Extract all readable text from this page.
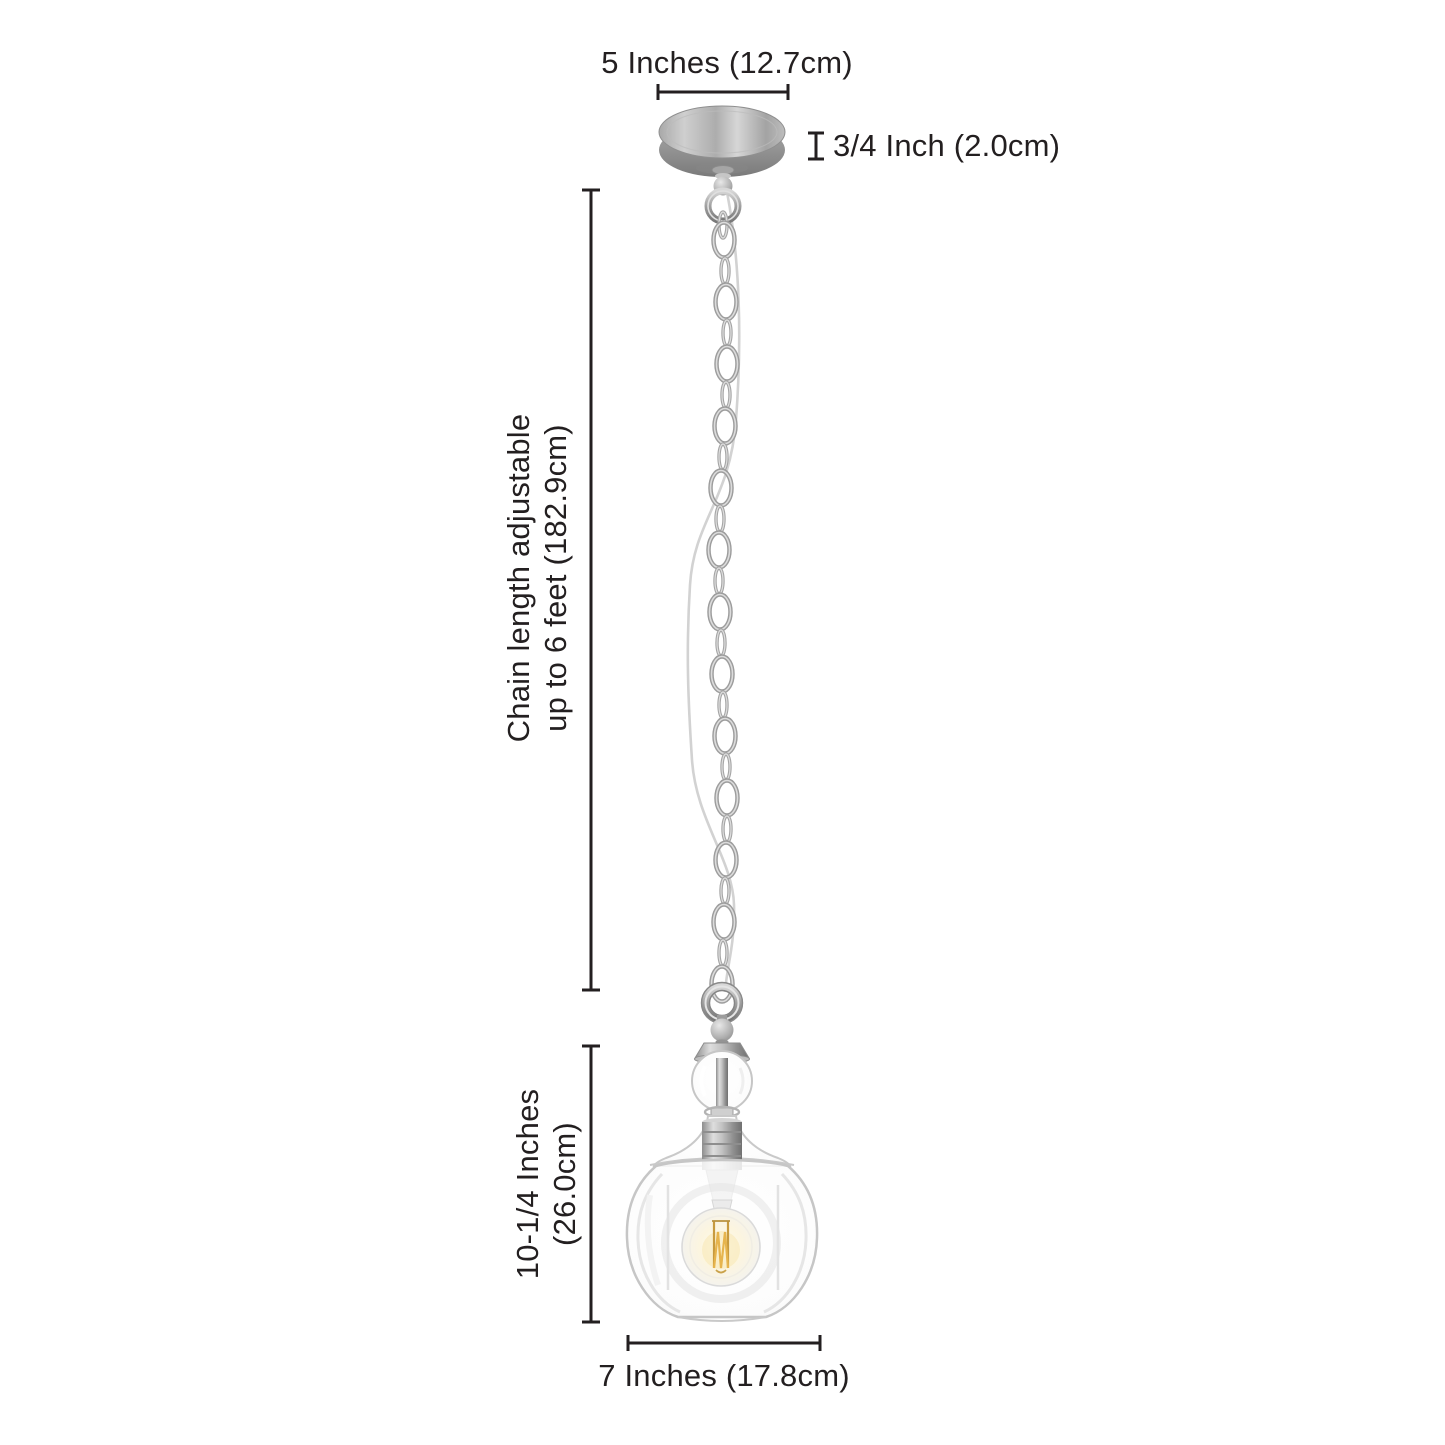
5 Inches (12.7cm)
3/4 Inch (2.0cm)
Chain length adjustable up to 6 feet (182.9cm)
10-1/4 Inches (26.0cm)
7 Inches (17.8cm)
